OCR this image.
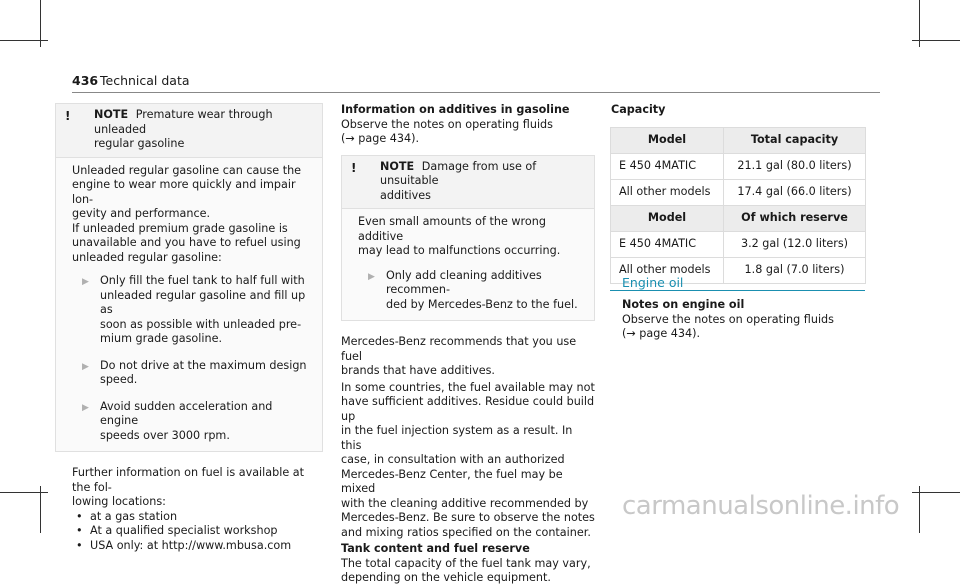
436 Technical data
! NOTE Premature wear through unleaded
regular gasoline
Unleaded regular gasoline can cause the
engine to wear more quickly and impair lon-
gevity and performance.
If unleaded premium grade gasoline is
unavailable and you have to refuel using
unleaded regular gasoline:
▶ Only fill the fuel tank to half full with
unleaded regular gasoline and fill up as
soon as possible with unleaded pre-
mium grade gasoline.
▶ Do not drive at the maximum design
speed.
▶ Avoid sudden acceleration and engine
speeds over 3000 rpm.
Further information on fuel is available at the fol-
lowing locations:
• at a gas station
• At a qualified specialist workshop
• USA only: at http://www.mbusa.com
Information on additives in gasoline
Observe the notes on operating fluids
(→ page 434).
! NOTE Damage from use of unsuitable
additives
Even small amounts of the wrong additive
may lead to malfunctions occurring.
▶ Only add cleaning additives recommen-
ded by Mercedes-Benz to the fuel.
Mercedes-Benz recommends that you use fuel
brands that have additives.
In some countries, the fuel available may not
have sufficient additives. Residue could build up
in the fuel injection system as a result. In this
case, in consultation with an authorized
Mercedes-Benz Center, the fuel may be mixed
with the cleaning additive recommended by
Mercedes-Benz. Be sure to observe the notes
and mixing ratios specified on the container.
Tank content and fuel reserve
The total capacity of the fuel tank may vary,
depending on the vehicle equipment.
Capacity
Model	Total capacity
E 450 4MATIC	21.1 gal (80.0 liters)
All other models	17.4 gal (66.0 liters)
Model	Of which reserve
E 450 4MATIC	3.2 gal (12.0 liters)
All other models	1.8 gal (7.0 liters)
Engine oil
Notes on engine oil
Observe the notes on operating fluids
(→ page 434).
carmanualsonline.info
